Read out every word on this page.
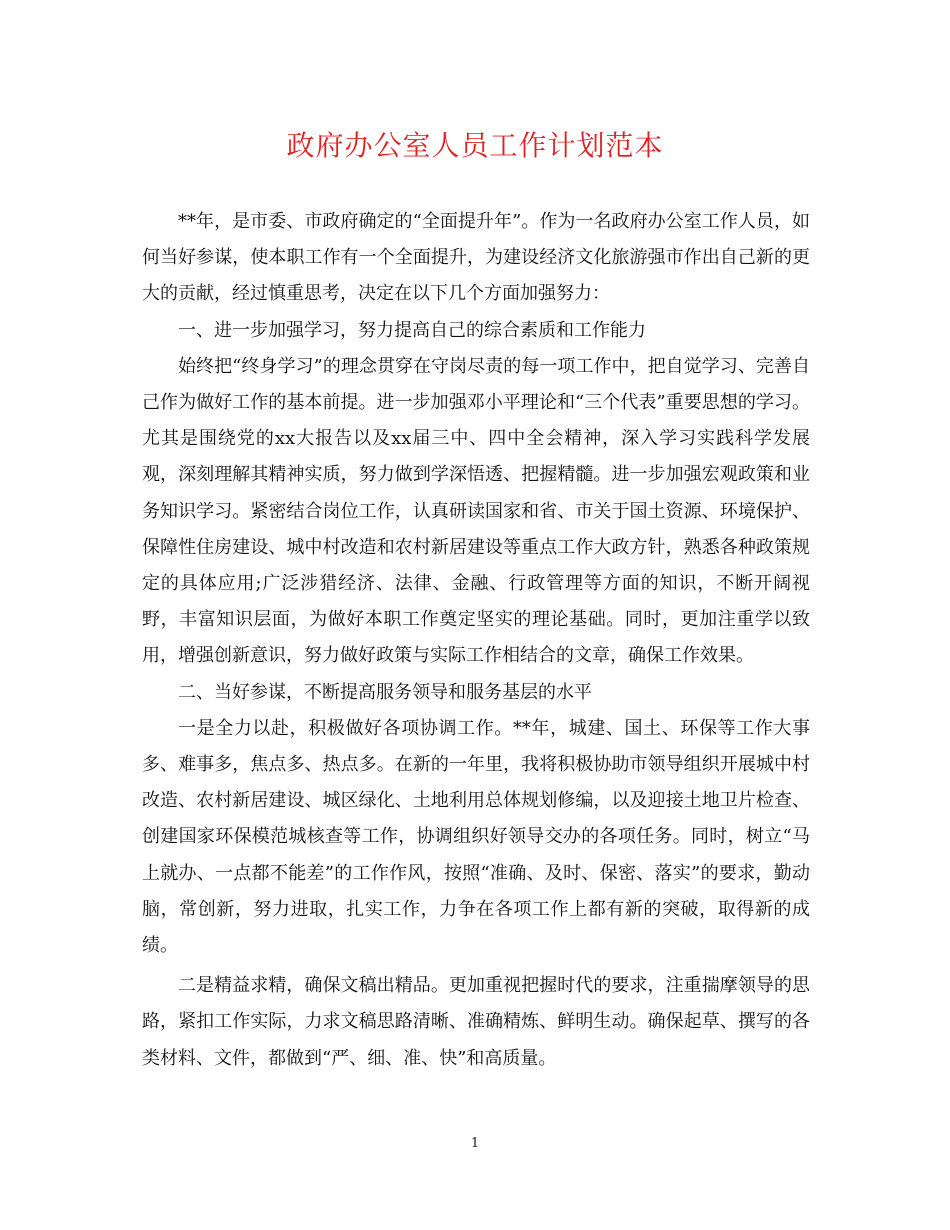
政府办公室人员工作计划范本

**年，是市委、市政府确定的“全面提升年”。作为一名政府办公室工作人员，如何当好参谋，使本职工作有一个全面提升，为建设经济文化旅游强市作出自己新的更大的贡献，经过慎重思考，决定在以下几个方面加强努力：

一、进一步加强学习，努力提高自己的综合素质和工作能力

始终把“终身学习”的理念贯穿在守岗尽责的每一项工作中，把自觉学习、完善自己作为做好工作的基本前提。进一步加强邓小平理论和“三个代表”重要思想的学习。尤其是围绕党的xx大报告以及xx届三中、四中全会精神，深入学习实践科学发展观，深刻理解其精神实质，努力做到学深悟透、把握精髓。进一步加强宏观政策和业务知识学习。紧密结合岗位工作，认真研读国家和省、市关于国土资源、环境保护、保障性住房建设、城中村改造和农村新居建设等重点工作大政方针，熟悉各种政策规定的具体应用;广泛涉猎经济、法律、金融、行政管理等方面的知识，不断开阔视野，丰富知识层面，为做好本职工作奠定坚实的理论基础。同时，更加注重学以致用，增强创新意识，努力做好政策与实际工作相结合的文章，确保工作效果。

二、当好参谋，不断提高服务领导和服务基层的水平

一是全力以赴，积极做好各项协调工作。**年，城建、国土、环保等工作大事多、难事多，焦点多、热点多。在新的一年里，我将积极协助市领导组织开展城中村改造、农村新居建设、城区绿化、土地利用总体规划修编，以及迎接土地卫片检查、创建国家环保模范城核查等工作，协调组织好领导交办的各项任务。同时，树立“马上就办、一点都不能差”的工作作风，按照“准确、及时、保密、落实”的要求，勤动脑，常创新，努力进取，扎实工作，力争在各项工作上都有新的突破，取得新的成绩。

二是精益求精，确保文稿出精品。更加重视把握时代的要求，注重揣摩领导的思路，紧扣工作实际，力求文稿思路清晰、准确精炼、鲜明生动。确保起草、撰写的各类材料、文件，都做到“严、细、准、快”和高质量。

1
